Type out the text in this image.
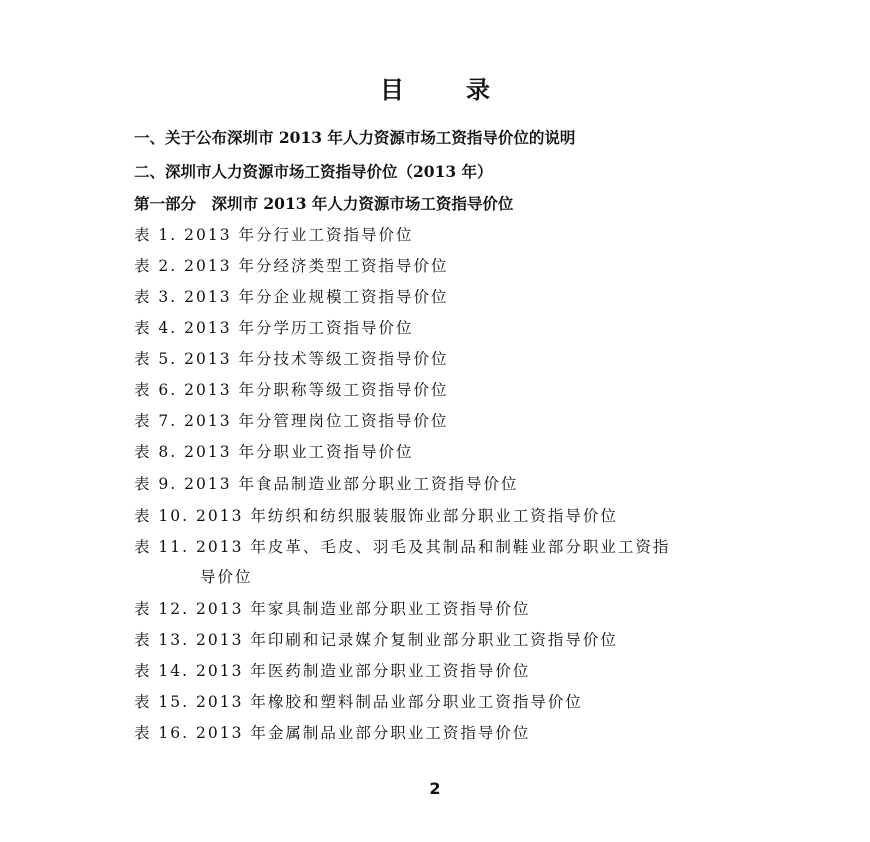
目	录
一、关于公布深圳市 2013 年人力资源市场工资指导价位的说明
二、深圳市人力资源市场工资指导价位（2013 年）
第一部分　深圳市 2013 年人力资源市场工资指导价位
表 1. 2013 年分行业工资指导价位
表 2. 2013 年分经济类型工资指导价位
表 3. 2013 年分企业规模工资指导价位
表 4. 2013 年分学历工资指导价位
表 5. 2013 年分技术等级工资指导价位
表 6. 2013 年分职称等级工资指导价位
表 7. 2013 年分管理岗位工资指导价位
表 8. 2013 年分职业工资指导价位
表 9. 2013 年食品制造业部分职业工资指导价位
表 10. 2013 年纺织和纺织服装服饰业部分职业工资指导价位
表 11. 2013 年皮革、毛皮、羽毛及其制品和制鞋业部分职业工资指
导价位
表 12. 2013 年家具制造业部分职业工资指导价位
表 13. 2013 年印刷和记录媒介复制业部分职业工资指导价位
表 14. 2013 年医药制造业部分职业工资指导价位
表 15. 2013 年橡胶和塑料制品业部分职业工资指导价位
表 16. 2013 年金属制品业部分职业工资指导价位
2
